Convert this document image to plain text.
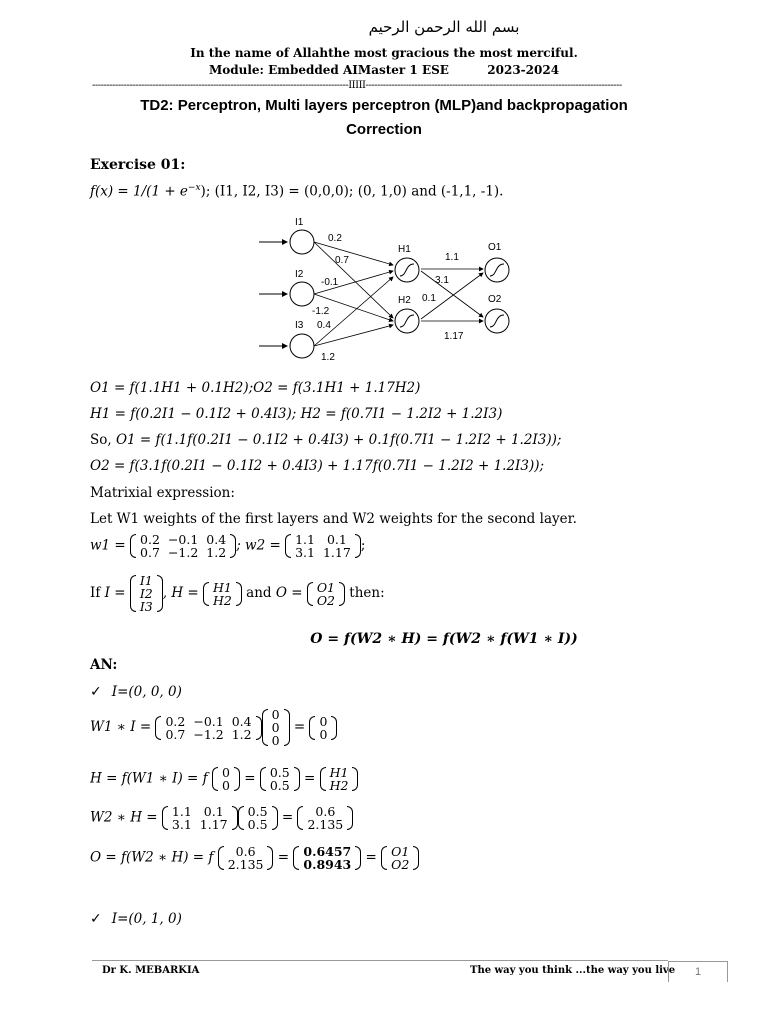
بسم الله الرحمن الرحيم
In the name of Allahthe most gracious the most merciful.
Module: Embedded AIMaster 1 ESE	2023-2024
-----------------------------------------------------------------------------------------IIIII-----------------------------------------------------------------------------------------
TD2: Perceptron, Multi layers perceptron (MLP)and backpropagation
Correction
Exercise 01:
$f(x) = 1/(1 + e^{-x})$; (I1, I2, I3) = (0,0,0); (0, 1,0) and (-1,1, -1).
I1
I2
I3
H1
H2
O1
O2
0.2
0.7
-0.1
-1.2
0.4
1.2
1.1
3.1
0.1
1.17
O1 = f(1.1H1 + 0.1H2);O2 = f(3.1H1 + 1.17H2)
H1 = f(0.2I1 − 0.1I2 + 0.4I3); H2 = f(0.7I1 − 1.2I2 + 1.2I3)
So, O1 = f(1.1f(0.2I1 − 0.1I2 + 0.4I3) + 0.1f(0.7I1 − 1.2I2 + 1.2I3));
O2 = f(3.1f(0.2I1 − 0.1I2 + 0.4I3) + 1.17f(0.7I1 − 1.2I2 + 1.2I3));
Matrixial expression:
Let W1 weights of the first layers and W2 weights for the second layer.
w1 = 0.2	−0.1	0.4
0.7	−1.2	1.2 ; w2 = 1.1	0.1
3.1	1.17 ;
If I =
I1
I2
I3
, H = H1
H2 and O = O1
O2 then:
O = f(W2 ∗ H) = f(W2 ∗ f(W1 ∗ I))
AN:
✓ I=(0, 0, 0)
W1 ∗ I = 0.2	−0.1	0.4
0.7	−1.2	1.2
0
0
0
= 0
0
H = f(W1 ∗ I) = f 0
0 = 0.5
0.5 = H1
H2
W2 ∗ H = 1.1	0.1
3.1	1.17
0.5
0.5 = 0.6
2.135
O = f(W2 ∗ H) = f 0.6
2.135 = 0.6457
0.8943 = O1
O2
✓ I=(0, 1, 0)
Dr K. MEBARKIA	The way you think ...the way you live	1
